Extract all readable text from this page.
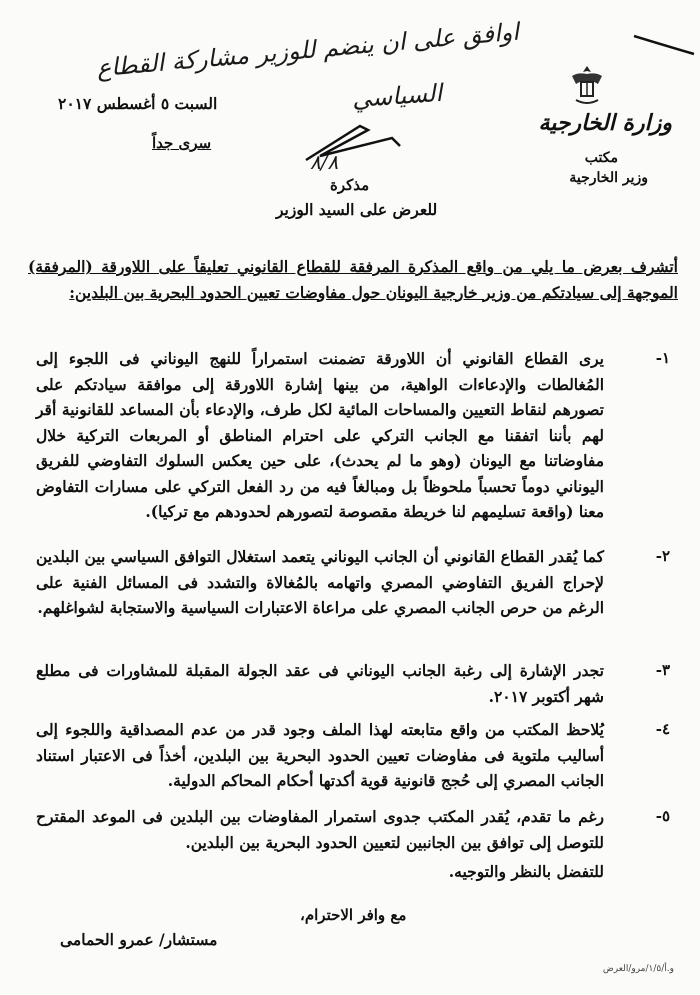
اوافق على ان ينضم للوزير مشاركة القطاع
السياسي
٨/٨
السبت ٥ أغسطس ٢٠١٧
سرى جداً
وزارة الخارجية
مكتب
وزير الخارجية
مذكرة
للعرض على السيد الوزير
أتشرف بعرض ما يلي من واقع المذكرة المرفقة للقطاع القانوني تعليقاً على اللاورقة (المرفقة) الموجهة إلى سيادتكم من وزير خارجية اليونان حول مفاوضات تعيين الحدود البحرية بين البلدين:
-١
يرى القطاع القانوني أن اللاورقة تضمنت استمراراً للنهج اليوناني فى اللجوء إلى المُغالطات والإدعاءات الواهية، من بينها إشارة اللاورقة إلى موافقة سيادتكم على تصورهم لنقاط التعيين والمساحات المائية لكل طرف، والإدعاء بأن المساعد للقانونية أقر لهم بأننا اتفقنا مع الجانب التركي على احترام المناطق أو المربعات التركية خلال مفاوضاتنا مع اليونان (وهو ما لم يحدث)، على حين يعكس السلوك التفاوضي للفريق اليوناني دوماً تحسباً ملحوظاً بل ومبالغاً فيه من رد الفعل التركي على مسارات التفاوض معنا (واقعة تسليمهم لنا خريطة مقصوصة لتصورهم لحدودهم مع تركيا).
-٢
كما يُقدر القطاع القانوني أن الجانب اليوناني يتعمد استغلال التوافق السياسي بين البلدين لإحراج الفريق التفاوضي المصري واتهامه بالمُغالاة والتشدد فى المسائل الفنية على الرغم من حرص الجانب المصري على مراعاة الاعتبارات السياسية والاستجابة لشواغلهم.
-٣
تجدر الإشارة إلى رغبة الجانب اليوناني فى عقد الجولة المقبلة للمشاورات فى مطلع شهر أكتوبر ٢٠١٧.
-٤
يُلاحظ المكتب من واقع متابعته لهذا الملف وجود قدر من عدم المصداقية واللجوء إلى أساليب ملتوية فى مفاوضات تعيين الحدود البحرية بين البلدين، أخذاً فى الاعتبار استناد الجانب المصري إلى حُجج قانونية قوية أكدتها أحكام المحاكم الدولية.
-٥
رغم ما تقدم، يُقدر المكتب جدوى استمرار المفاوضات بين البلدين فى الموعد المقترح للتوصل إلى توافق بين الجانبين لتعيين الحدود البحرية بين البلدين.
للتفضل بالنظر والتوجيه.
مع وافر الاحترام،
مستشار/ عمرو الحمامى
و.أ/١/٥/مرو/العرض
